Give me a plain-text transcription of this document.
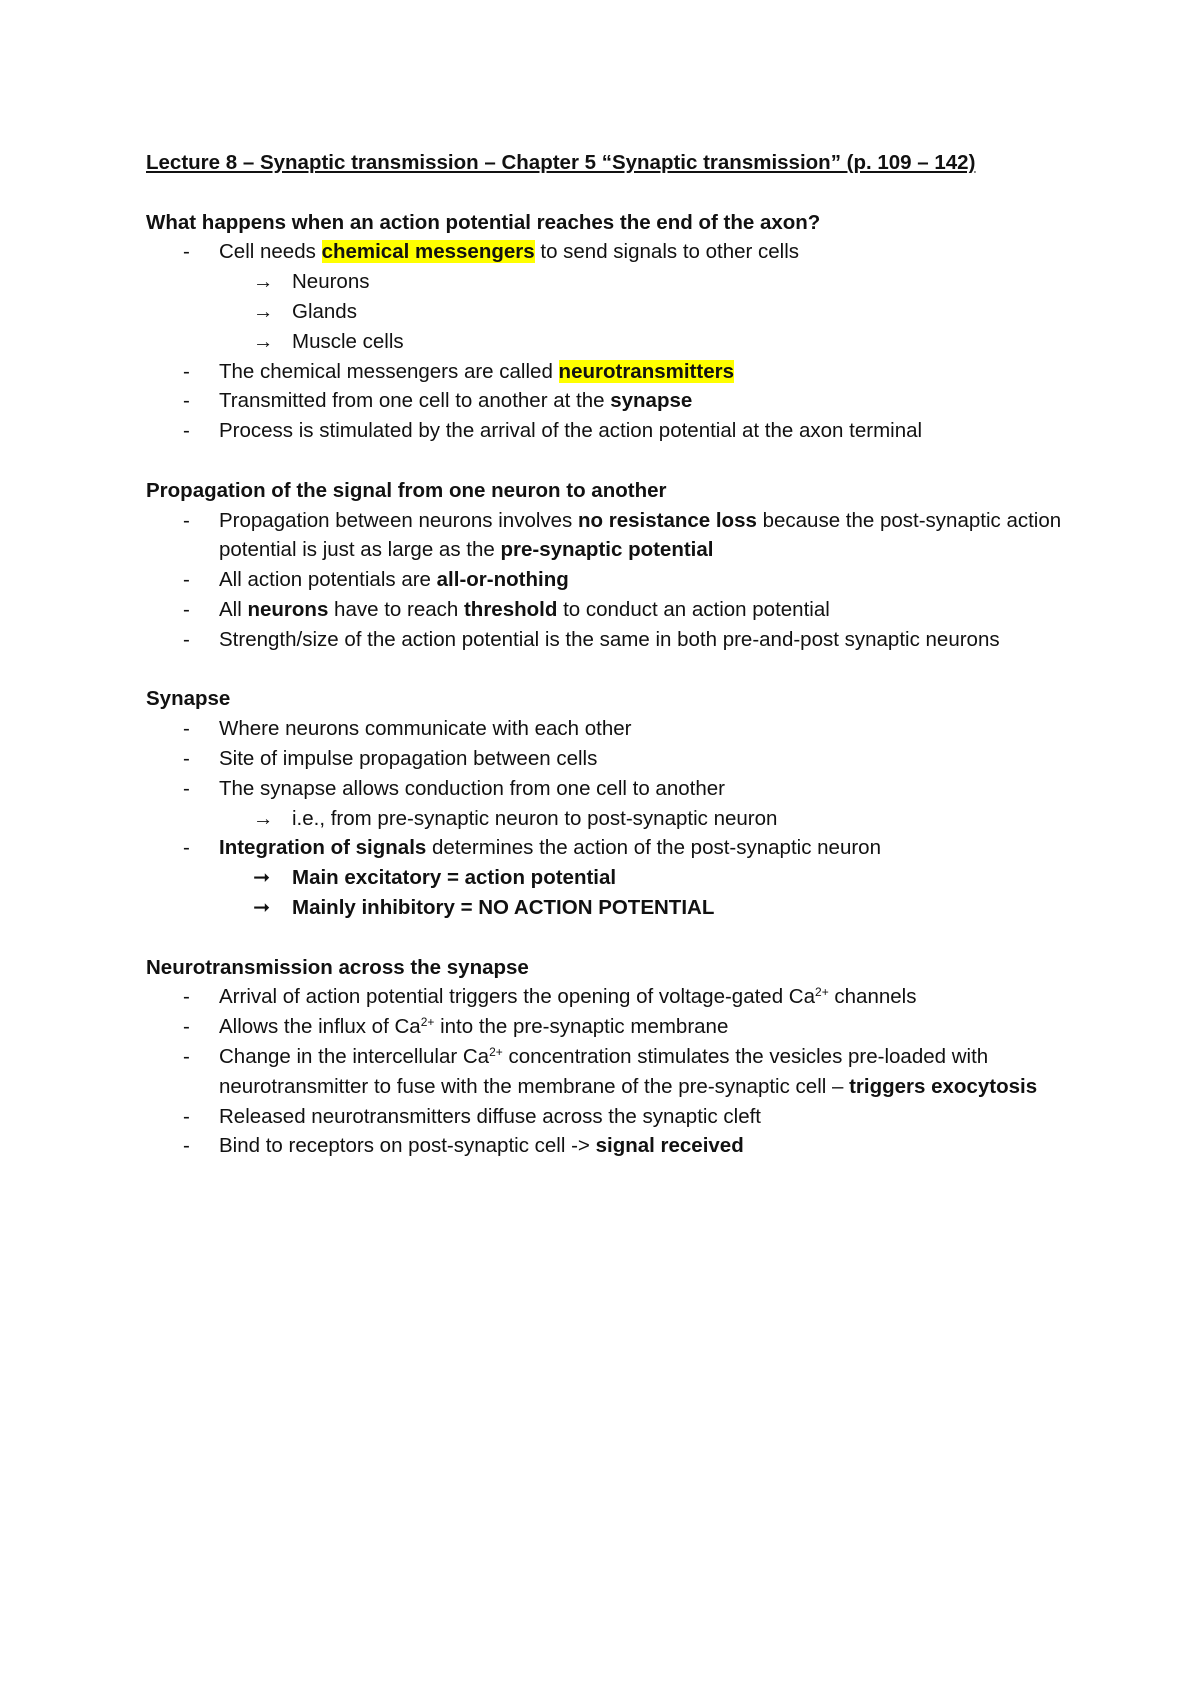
Lecture 8 – Synaptic transmission – Chapter 5 “Synaptic transmission” (p. 109 – 142)
What happens when an action potential reaches the end of the axon?
- Cell needs chemical messengers to send signals to other cells
→ Neurons
→ Glands
→ Muscle cells
- The chemical messengers are called neurotransmitters
- Transmitted from one cell to another at the synapse
- Process is stimulated by the arrival of the action potential at the axon terminal
Propagation of the signal from one neuron to another
- Propagation between neurons involves no resistance loss because the post-synaptic action potential is just as large as the pre-synaptic potential
- All action potentials are all-or-nothing
- All neurons have to reach threshold to conduct an action potential
- Strength/size of the action potential is the same in both pre-and-post synaptic neurons
Synapse
- Where neurons communicate with each other
- Site of impulse propagation between cells
- The synapse allows conduction from one cell to another
→ i.e., from pre-synaptic neuron to post-synaptic neuron
- Integration of signals determines the action of the post-synaptic neuron
➞ Main excitatory = action potential
➞ Mainly inhibitory = NO ACTION POTENTIAL
Neurotransmission across the synapse
- Arrival of action potential triggers the opening of voltage-gated $Ca^{2+}$ channels
- Allows the influx of $Ca^{2+}$ into the pre-synaptic membrane
- Change in the intercellular $Ca^{2+}$ concentration stimulates the vesicles pre-loaded with neurotransmitter to fuse with the membrane of the pre-synaptic cell – triggers exocytosis
- Released neurotransmitters diffuse across the synaptic cleft
- Bind to receptors on post-synaptic cell -> signal received
